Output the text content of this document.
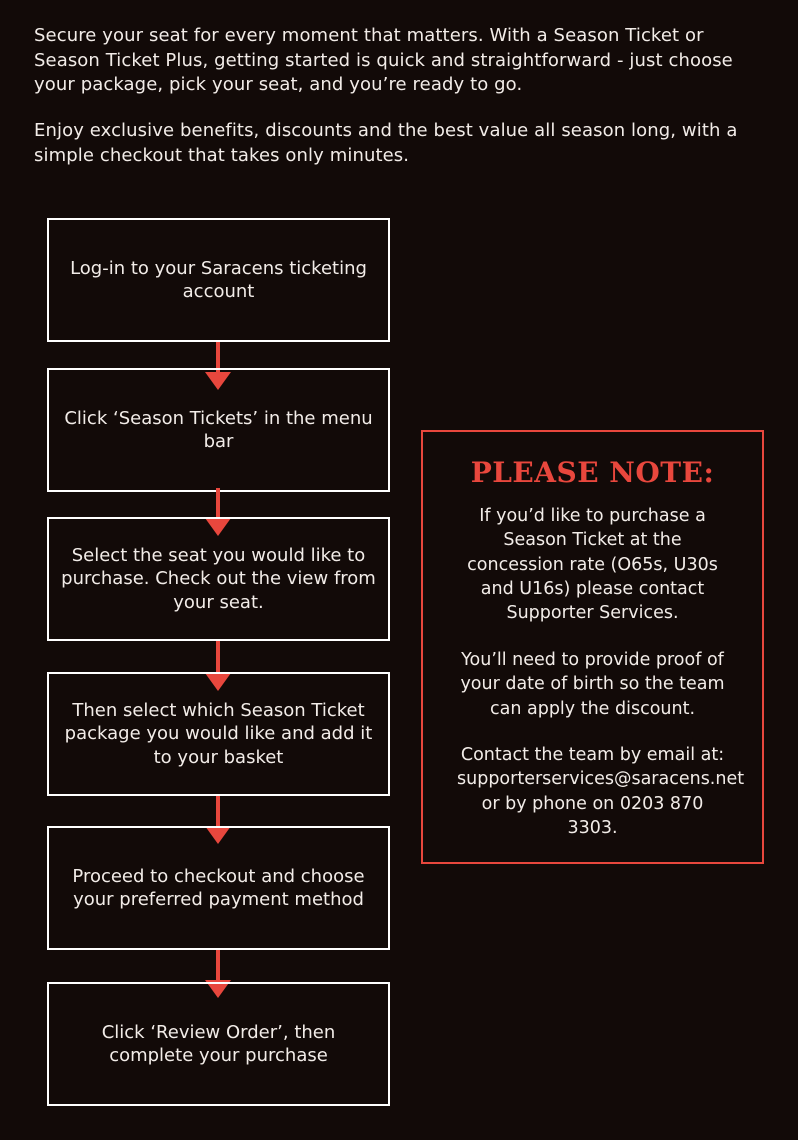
Secure your seat for every moment that matters. With a Season Ticket or Season Ticket Plus, getting started is quick and straightforward - just choose your package, pick your seat, and you’re ready to go.

Enjoy exclusive benefits, discounts and the best value all season long, with a simple checkout that takes only minutes.

Log-in to your Saracens ticketing account
Click ‘Season Tickets’ in the menu bar
Select the seat you would like to purchase. Check out the view from your seat.
Then select which Season Ticket package you would like and add it to your basket
Proceed to checkout and choose your preferred payment method
Click ‘Review Order’, then complete your purchase
PLEASE NOTE:

If you’d like to purchase a Season Ticket at the concession rate (O65s, U30s and U16s) please contact Supporter Services.

You’ll need to provide proof of your date of birth so the team can apply the discount.

Contact the team by email at: supporterservices@saracens.net or by phone on 0203 870 3303.
